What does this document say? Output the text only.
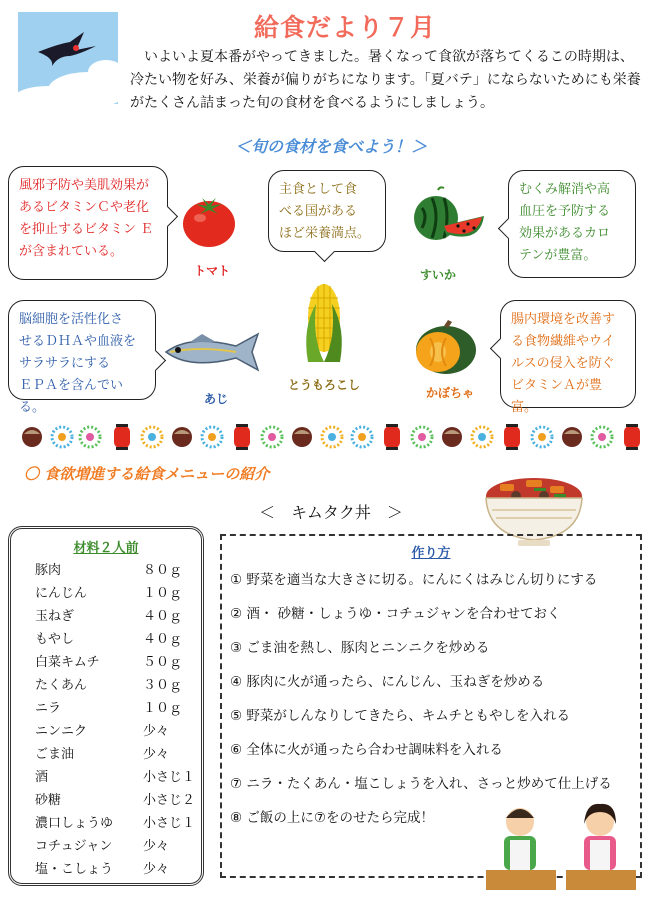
給食だより７月
　いよいよ夏本番がやってきました。暑くなって食欲が落ちてくるこの時期は、
冷たい物を好み、栄養が偏りがちになります。「夏バテ」にならないためにも栄養
がたくさん詰まった旬の食材を食べるようにしましょう。
＜旬の食材を食べよう！＞
風邪予防や美肌効果が
あるビタミンＣや老化
を抑止するビタミン Ｅ
が含まれている。
主食として食
べる国がある
ほど栄養満点。
むくみ解消や高
血圧を予防する
効果があるカロ
テンが豊富。
脳細胞を活性化さ
せるＤＨＡや血液を
サラサラにする
ＥＰＡを含んでいる。
腸内環境を改善す
る食物繊維やウイ
ルスの侵入を防ぐ
ビタミンＡが豊富。
トマト	すいか
あじ
とうもろこし
かぼちゃ
〇 食欲増進する給食メニューの紹介
＜　キムタク丼　＞
材料２人前
豚肉	８０ｇ
にんじん	１０ｇ
玉ねぎ	４０ｇ
もやし	４０ｇ
白菜キムチ	５０ｇ
たくあん	３０ｇ
ニラ	１０ｇ
ニンニク	少々
ごま油	少々
酒	小さじ１
砂糖	小さじ２
濃口しょうゆ 小さじ１
コチュジャン 少々
塩・こしょう 少々
作り方
① 野菜を適当な大きさに切る。にんにくはみじん切りにする
② 酒・ 砂糖・しょうゆ・コチュジャンを合わせておく
③ ごま油を熱し、豚肉とニンニクを炒める
④ 豚肉に火が通ったら、にんじん、玉ねぎを炒める
⑤ 野菜がしんなりしてきたら、キムチともやしを入れる
⑥ 全体に火が通ったら合わせ調味料を入れる
⑦ ニラ・たくあん・塩こしょうを入れ、さっと炒めて仕上げる
⑧ ご飯の上に⑦をのせたら完成！
